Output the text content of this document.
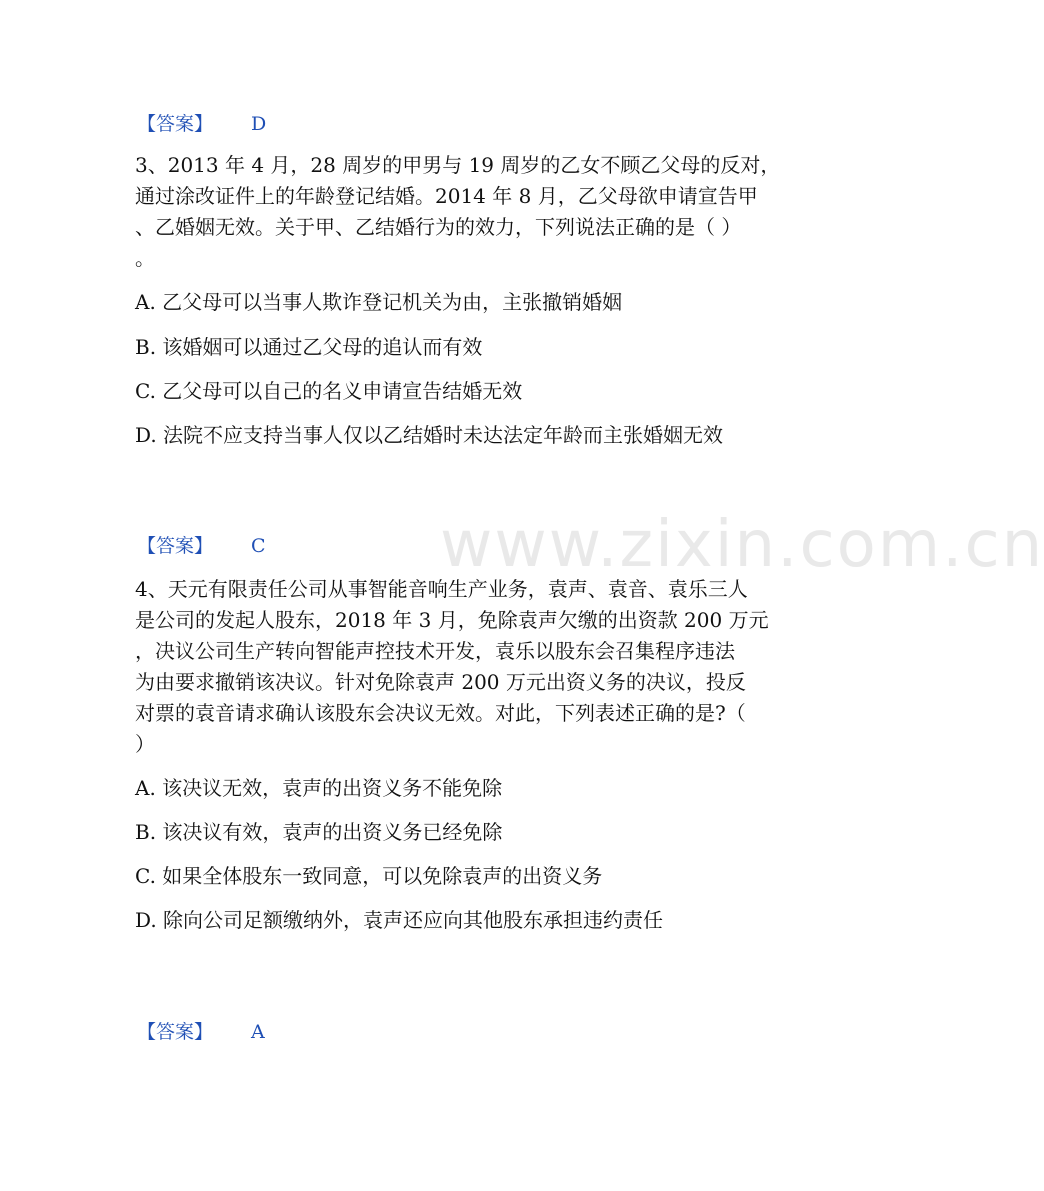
www.zixin.com.cn
【答案】 D
3、2013 年 4 月，28 周岁的甲男与 19 周岁的乙女不顾乙父母的反对，
通过涂改证件上的年龄登记结婚。2014 年 8 月，乙父母欲申请宣告甲
、乙婚姻无效。关于甲、乙结婚行为的效力，下列说法正确的是（ ）
。
A. 乙父母可以当事人欺诈登记机关为由，主张撤销婚姻
B. 该婚姻可以通过乙父母的追认而有效
C. 乙父母可以自己的名义申请宣告结婚无效
D. 法院不应支持当事人仅以乙结婚时未达法定年龄而主张婚姻无效
【答案】 C
4、天元有限责任公司从事智能音响生产业务，袁声、袁音、袁乐三人
是公司的发起人股东，2018 年 3 月，免除袁声欠缴的出资款 200 万元
，决议公司生产转向智能声控技术开发，袁乐以股东会召集程序违法
为由要求撤销该决议。针对免除袁声 200 万元出资义务的决议，投反
对票的袁音请求确认该股东会决议无效。对此，下列表述正确的是?（
）
A. 该决议无效，袁声的出资义务不能免除
B. 该决议有效，袁声的出资义务已经免除
C. 如果全体股东一致同意，可以免除袁声的出资义务
D. 除向公司足额缴纳外，袁声还应向其他股东承担违约责任
【答案】 A
